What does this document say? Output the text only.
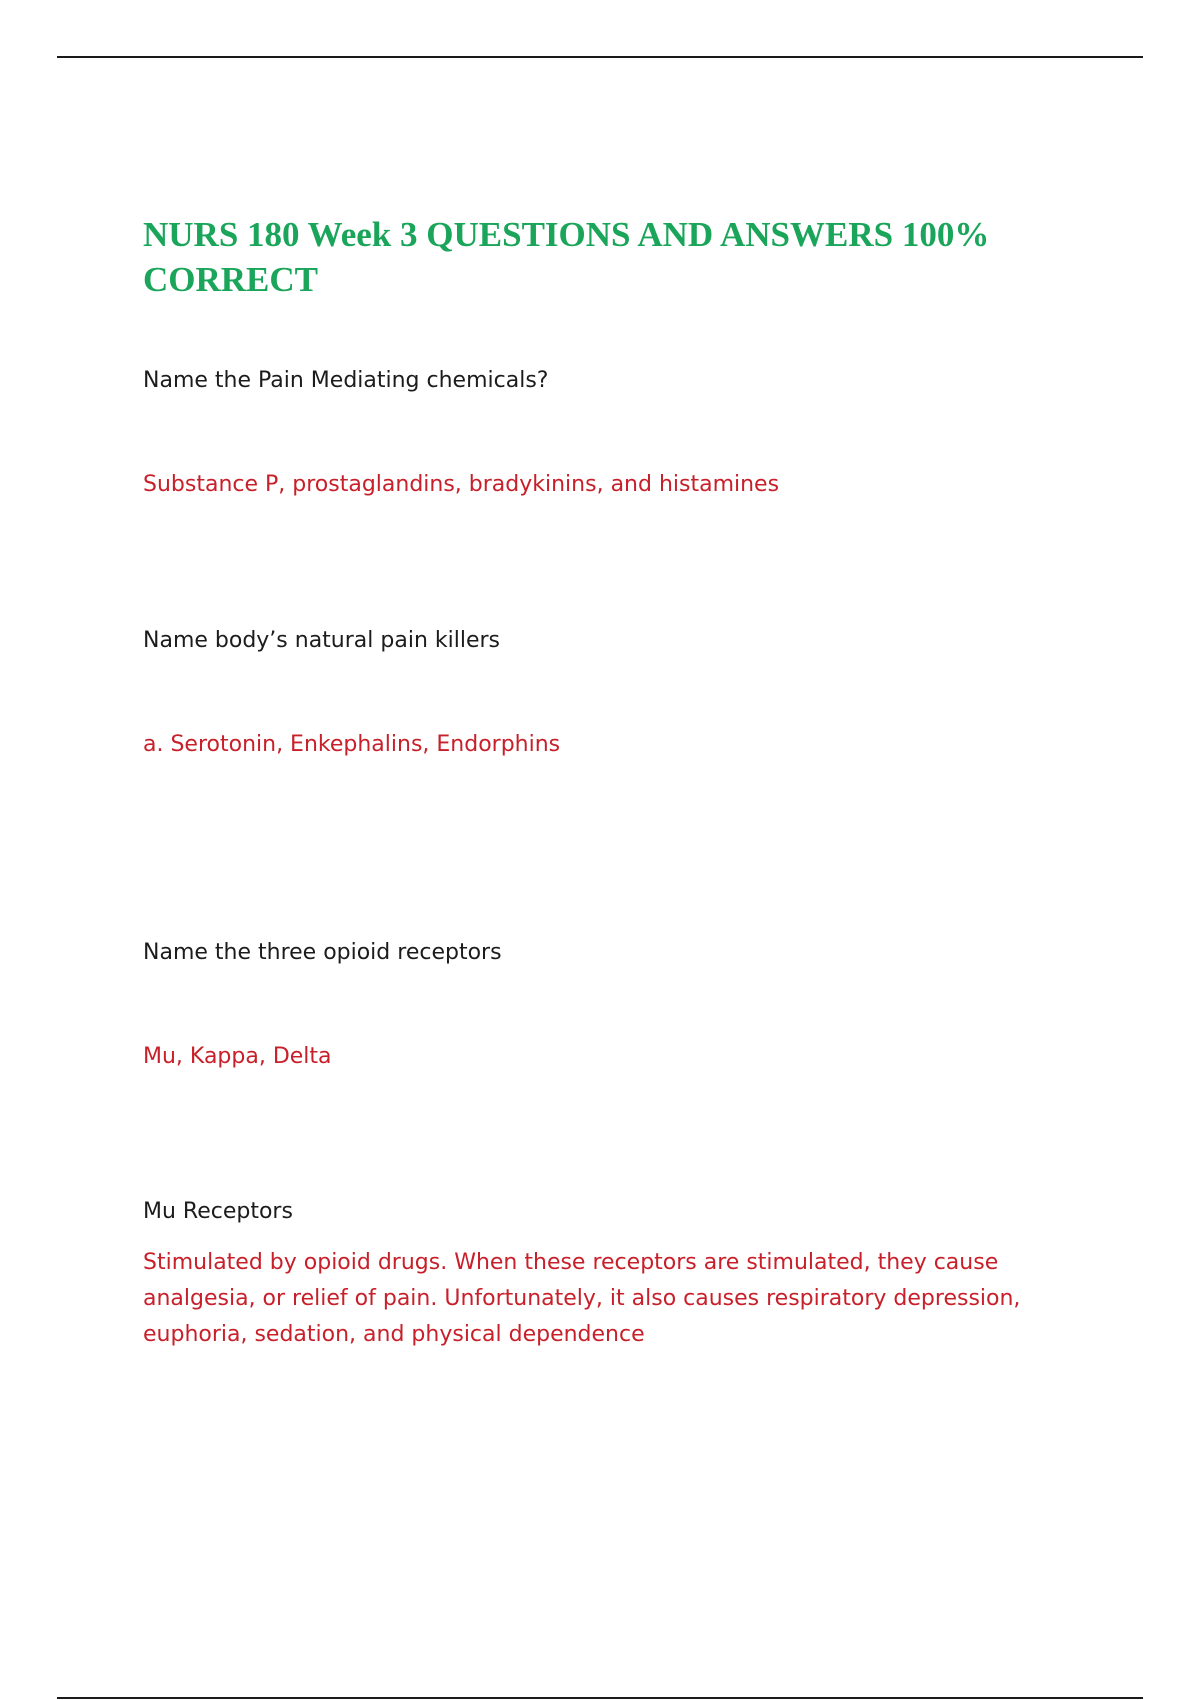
NURS 180 Week 3 QUESTIONS AND ANSWERS 100% CORRECT

Name the Pain Mediating chemicals?

Substance P, prostaglandins, bradykinins, and histamines

Name body’s natural pain killers

a. Serotonin, Enkephalins, Endorphins

Name the three opioid receptors

Mu, Kappa, Delta

Mu Receptors

Stimulated by opioid drugs. When these receptors are stimulated, they cause analgesia, or relief of pain. Unfortunately, it also causes respiratory depression, euphoria, sedation, and physical dependence
